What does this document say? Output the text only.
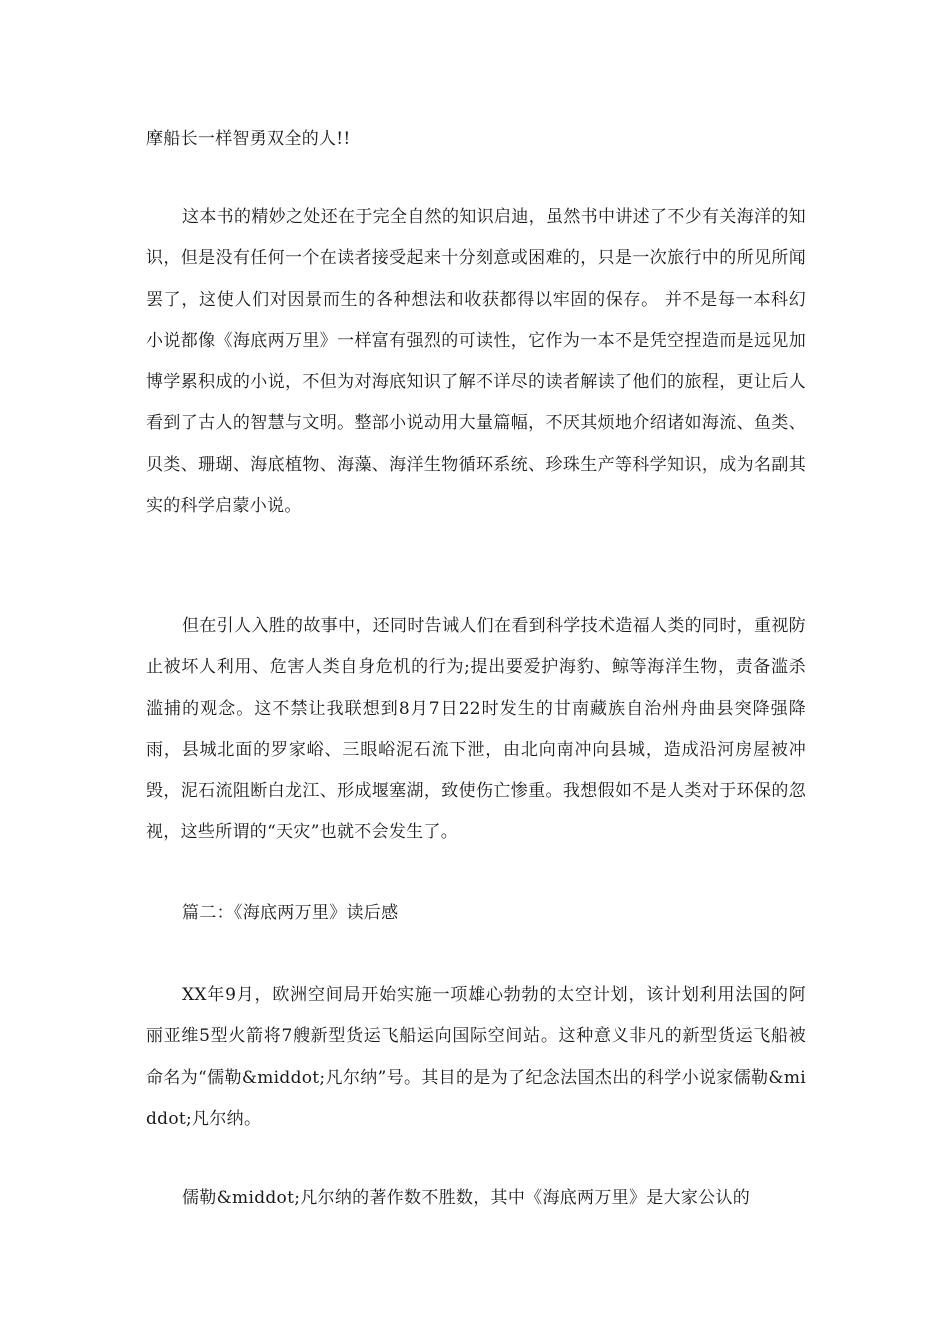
摩船长一样智勇双全的人!!

这本书的精妙之处还在于完全自然的知识启迪，虽然书中讲述了不少有关海洋的知识，但是没有任何一个在读者接受起来十分刻意或困难的，只是一次旅行中的所见所闻罢了，这使人们对因景而生的各种想法和收获都得以牢固的保存。 并不是每一本科幻小说都像《海底两万里》一样富有强烈的可读性，它作为一本不是凭空捏造而是远见加博学累积成的小说，不但为对海底知识了解不详尽的读者解读了他们的旅程，更让后人看到了古人的智慧与文明。整部小说动用大量篇幅，不厌其烦地介绍诸如海流、鱼类、贝类、珊瑚、海底植物、海藻、海洋生物循环系统、珍珠生产等科学知识，成为名副其实的科学启蒙小说。

但在引人入胜的故事中，还同时告诫人们在看到科学技术造福人类的同时，重视防止被坏人利用、危害人类自身危机的行为;提出要爱护海豹、鲸等海洋生物，责备滥杀滥捕的观念。这不禁让我联想到8月7日22时发生的甘南藏族自治州舟曲县突降强降雨，县城北面的罗家峪、三眼峪泥石流下泄，由北向南冲向县城，造成沿河房屋被冲毁，泥石流阻断白龙江、形成堰塞湖，致使伤亡惨重。我想假如不是人类对于环保的忽视，这些所谓的“天灾”也就不会发生了。

篇二：《海底两万里》读后感

XX年9月，欧洲空间局开始实施一项雄心勃勃的太空计划，该计划利用法国的阿丽亚维5型火箭将7艘新型货运飞船运向国际空间站。这种意义非凡的新型货运飞船被命名为“儒勒&middot;凡尔纳”号。其目的是为了纪念法国杰出的科学小说家儒勒&middot;凡尔纳。

儒勒&middot;凡尔纳的著作数不胜数，其中《海底两万里》是大家公认的
